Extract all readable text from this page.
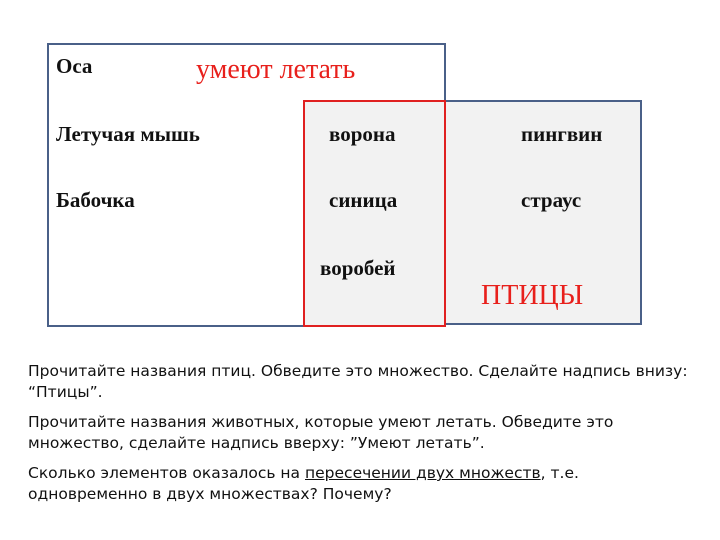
Оса
Летучая мышь
Бабочка
умеют летать
ворона
синица
воробей
пингвин
страус
ПТИЦЫ

Прочитайте названия птиц. Обведите это множество. Сделайте надпись внизу: “Птицы”.

Прочитайте названия животных, которые умеют летать. Обведите это множество, сделайте надпись вверху: ”Умеют летать”.

Сколько элементов оказалось на пересечении двух множеств, т.е. одновременно в двух множествах? Почему?
